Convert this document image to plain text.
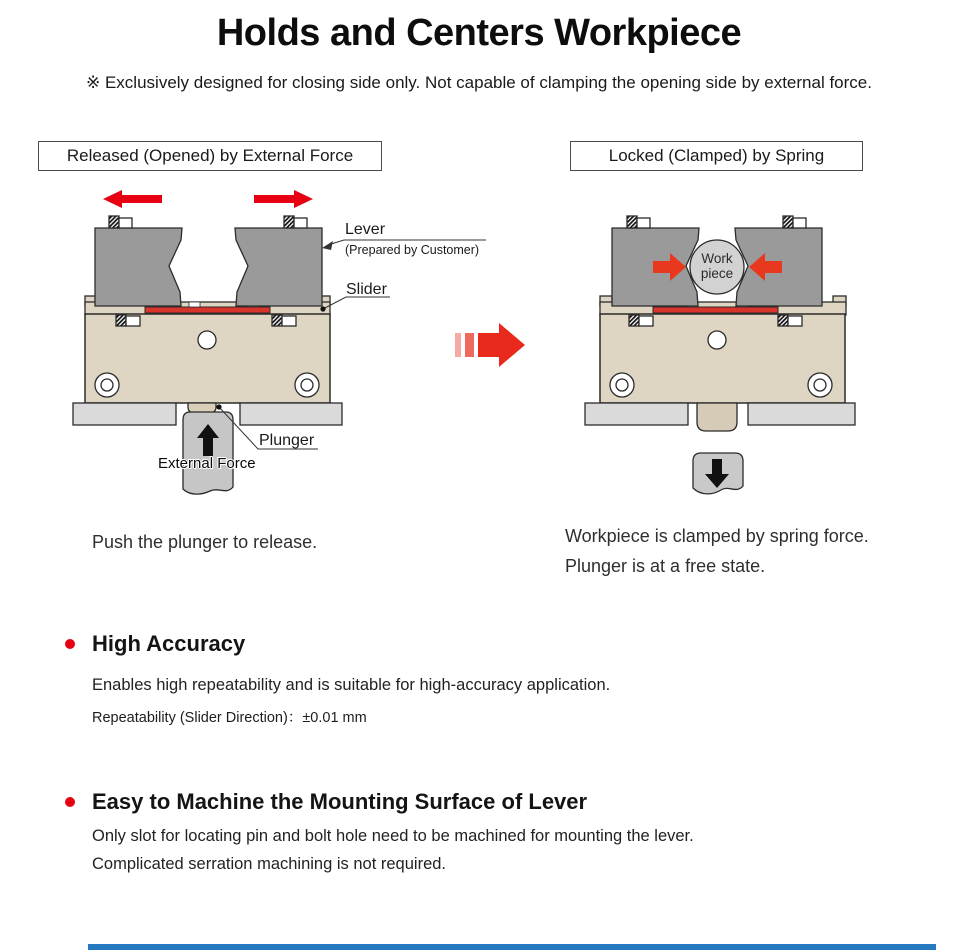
Holds and Centers Workpiece
※ Exclusively designed for closing side only. Not capable of clamping the opening side by external force.
Released (Opened) by External Force	Locked (Clamped) by Spring
Lever
(Prepared by Customer)
Slider
Plunger
External Force
Work
piece
Push the plunger to release.	Workpiece is clamped by spring force.
Plunger is at a free state.
High Accuracy
Enables high repeatability and is suitable for high-accuracy application.
Repeatability (Slider Direction)：±0.01 mm
Easy to Machine the Mounting Surface of Lever
Only slot for locating pin and bolt hole need to be machined for mounting the lever.
Complicated serration machining is not required.
